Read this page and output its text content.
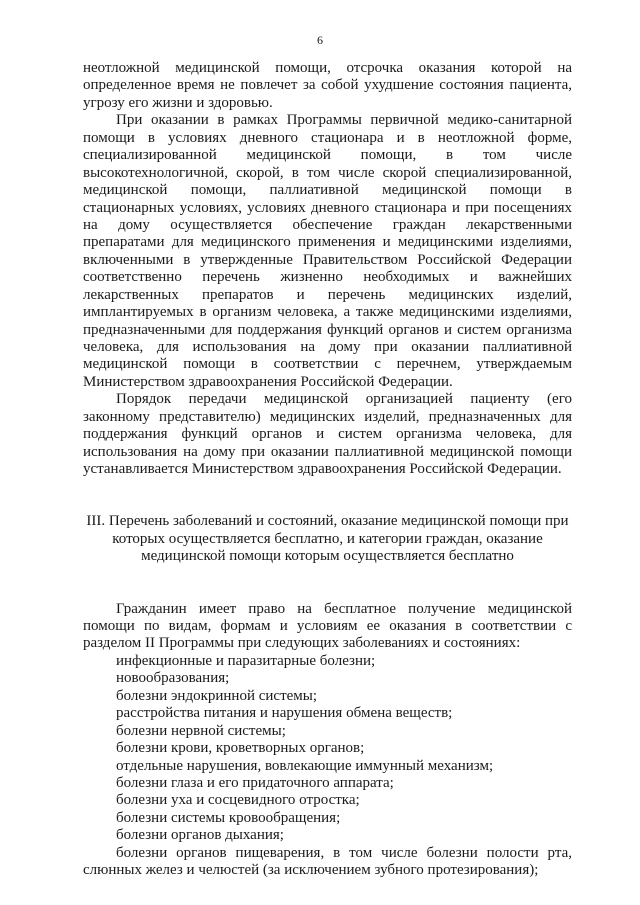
6
неотложной медицинской помощи, отсрочка оказания которой на
определенное время не повлечет за собой ухудшение состояния пациента,
угрозу его жизни и здоровью.
При оказании в рамках Программы первичной медико-санитарной
помощи в условиях дневного стационара и в неотложной форме,
специализированной медицинской помощи, в том числе
высокотехнологичной, скорой, в том числе скорой специализированной,
медицинской помощи, паллиативной медицинской помощи в
стационарных условиях, условиях дневного стационара и при посещениях
на дому осуществляется обеспечение граждан лекарственными
препаратами для медицинского применения и медицинскими изделиями,
включенными в утвержденные Правительством Российской Федерации
соответственно перечень жизненно необходимых и важнейших
лекарственных препаратов и перечень медицинских изделий,
имплантируемых в организм человека, а также медицинскими изделиями,
предназначенными для поддержания функций органов и систем организма
человека, для использования на дому при оказании паллиативной
медицинской помощи в соответствии с перечнем, утверждаемым
Министерством здравоохранения Российской Федерации.
Порядок передачи медицинской организацией пациенту (его
законному представителю) медицинских изделий, предназначенных для
поддержания функций органов и систем организма человека, для
использования на дому при оказании паллиативной медицинской помощи
устанавливается Министерством здравоохранения Российской Федерации.
III. Перечень заболеваний и состояний, оказание медицинской помощи при
которых осуществляется бесплатно, и категории граждан, оказание
медицинской помощи которым осуществляется бесплатно
Гражданин имеет право на бесплатное получение медицинской
помощи по видам, формам и условиям ее оказания в соответствии с
разделом II Программы при следующих заболеваниях и состояниях:
инфекционные и паразитарные болезни;
новообразования;
болезни эндокринной системы;
расстройства питания и нарушения обмена веществ;
болезни нервной системы;
болезни крови, кроветворных органов;
отдельные нарушения, вовлекающие иммунный механизм;
болезни глаза и его придаточного аппарата;
болезни уха и сосцевидного отростка;
болезни системы кровообращения;
болезни органов дыхания;
болезни органов пищеварения, в том числе болезни полости рта,
слюнных желез и челюстей (за исключением зубного протезирования);
